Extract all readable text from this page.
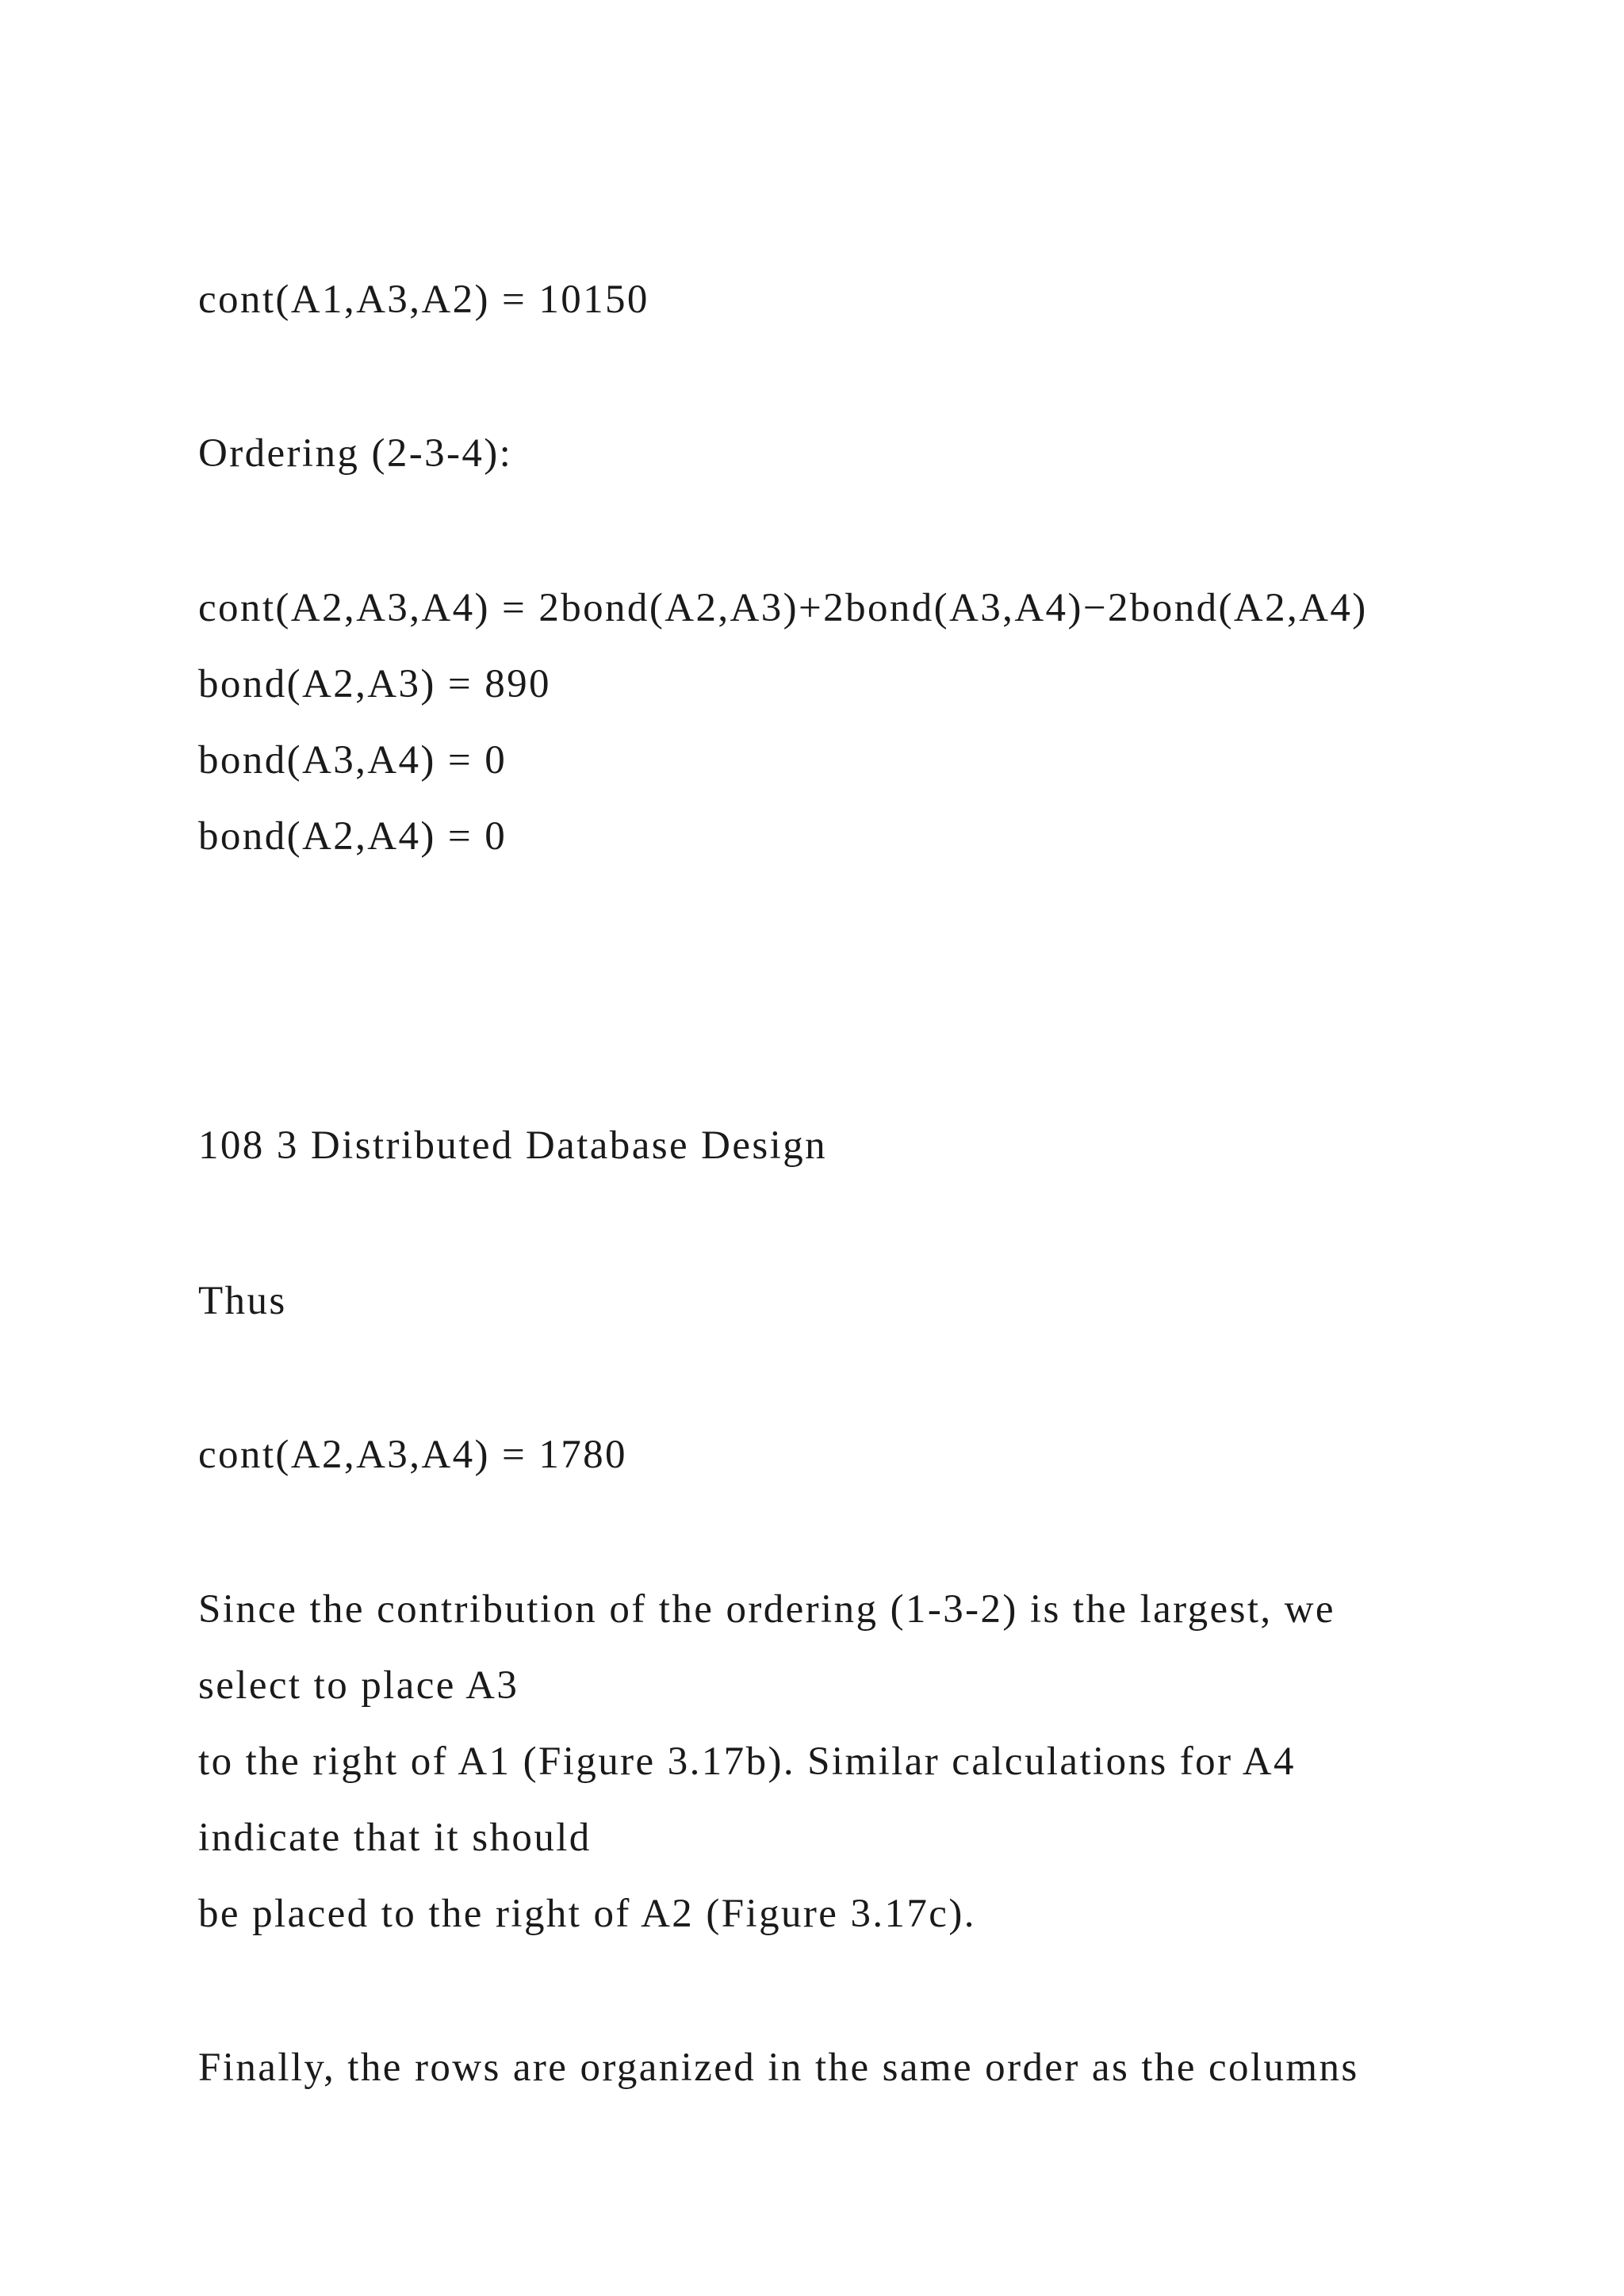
cont(A1,A3,A2) = 10150

Ordering (2-3-4):

cont(A2,A3,A4) = 2bond(A2,A3)+2bond(A3,A4)−2bond(A2,A4)

bond(A2,A3) = 890

bond(A3,A4) = 0

bond(A2,A4) = 0

108 3 Distributed Database Design

Thus

cont(A2,A3,A4) = 1780

Since the contribution of the ordering (1-3-2) is the largest, we

select to place A3

to the right of A1 (Figure 3.17b). Similar calculations for A4

indicate that it should

be placed to the right of A2 (Figure 3.17c).

Finally, the rows are organized in the same order as the columns
